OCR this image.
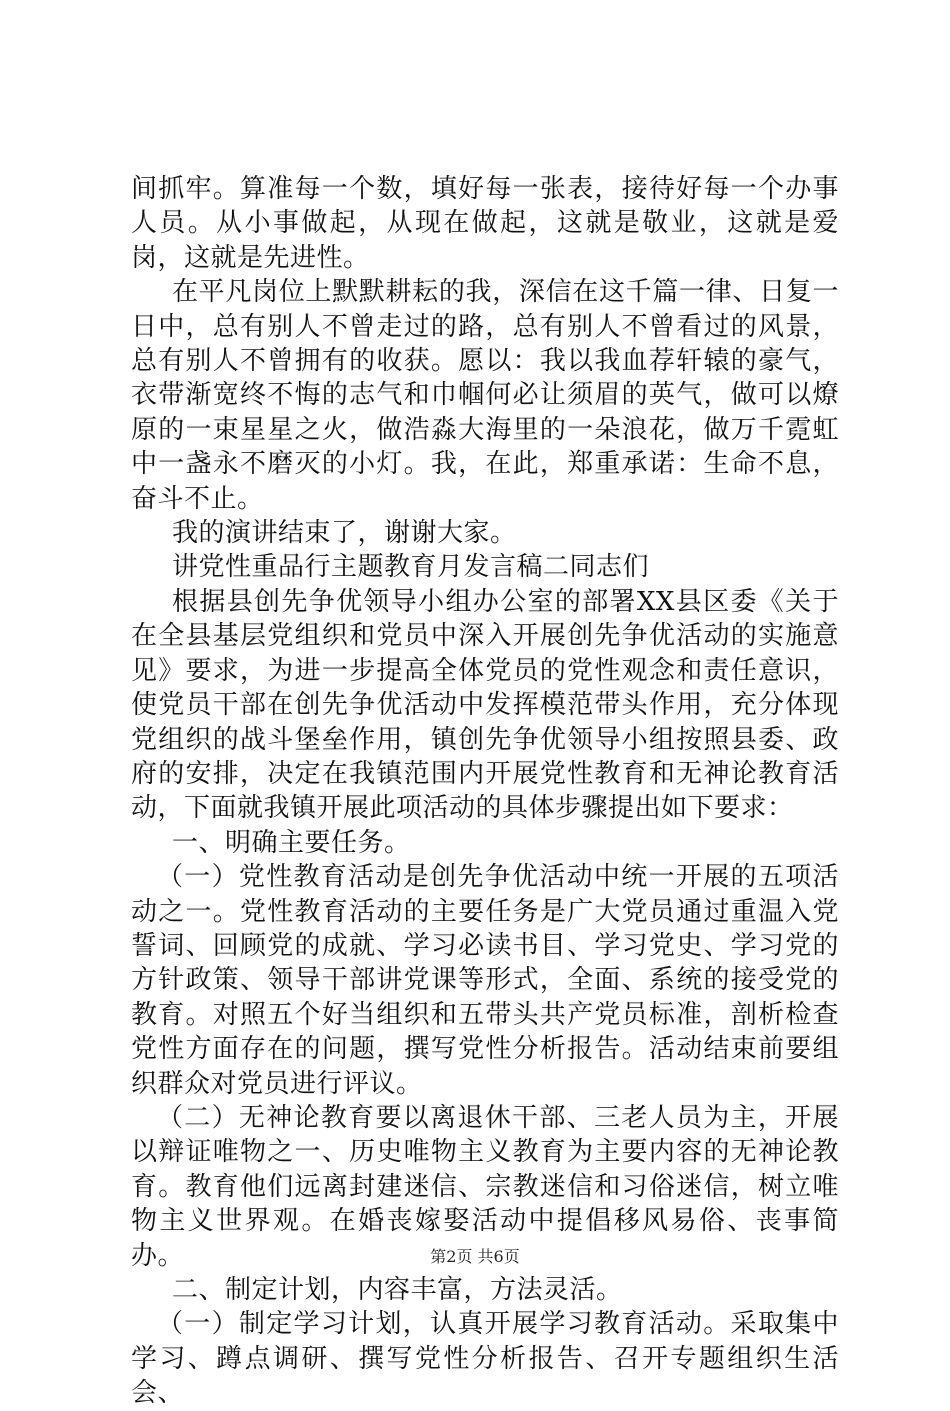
间抓牢。算准每一个数，填好每一张表，接待好每一个办事人员。从小事做起，从现在做起，这就是敬业，这就是爱岗，这就是先进性。

在平凡岗位上默默耕耘的我，深信在这千篇一律、日复一日中，总有别人不曾走过的路，总有别人不曾看过的风景，总有别人不曾拥有的收获。愿以：我以我血荐轩辕的豪气，衣带渐宽终不悔的志气和巾帼何必让须眉的英气，做可以燎原的一束星星之火，做浩淼大海里的一朵浪花，做万千霓虹中一盏永不磨灭的小灯。我，在此，郑重承诺：生命不息，奋斗不止。

我的演讲结束了，谢谢大家。

讲党性重品行主题教育月发言稿二同志们

根据县创先争优领导小组办公室的部署XX县区委《关于在全县基层党组织和党员中深入开展创先争优活动的实施意见》要求，为进一步提高全体党员的党性观念和责任意识，使党员干部在创先争优活动中发挥模范带头作用，充分体现党组织的战斗堡垒作用，镇创先争优领导小组按照县委、政府的安排，决定在我镇范围内开展党性教育和无神论教育活动，下面就我镇开展此项活动的具体步骤提出如下要求：

一、明确主要任务。

（一）党性教育活动是创先争优活动中统一开展的五项活动之一。党性教育活动的主要任务是广大党员通过重温入党誓词、回顾党的成就、学习必读书目、学习党史、学习党的方针政策、领导干部讲党课等形式，全面、系统的接受党的教育。对照五个好当组织和五带头共产党员标准，剖析检查党性方面存在的问题，撰写党性分析报告。活动结束前要组织群众对党员进行评议。

（二）无神论教育要以离退休干部、三老人员为主，开展以辩证唯物之一、历史唯物主义教育为主要内容的无神论教育。教育他们远离封建迷信、宗教迷信和习俗迷信，树立唯物主义世界观。在婚丧嫁娶活动中提倡移风易俗、丧事简办。

二、制定计划，内容丰富，方法灵活。

（一）制定学习计划，认真开展学习教育活动。采取集中学习、蹲点调研、撰写党性分析报告、召开专题组织生活会、

第2页 共6页
